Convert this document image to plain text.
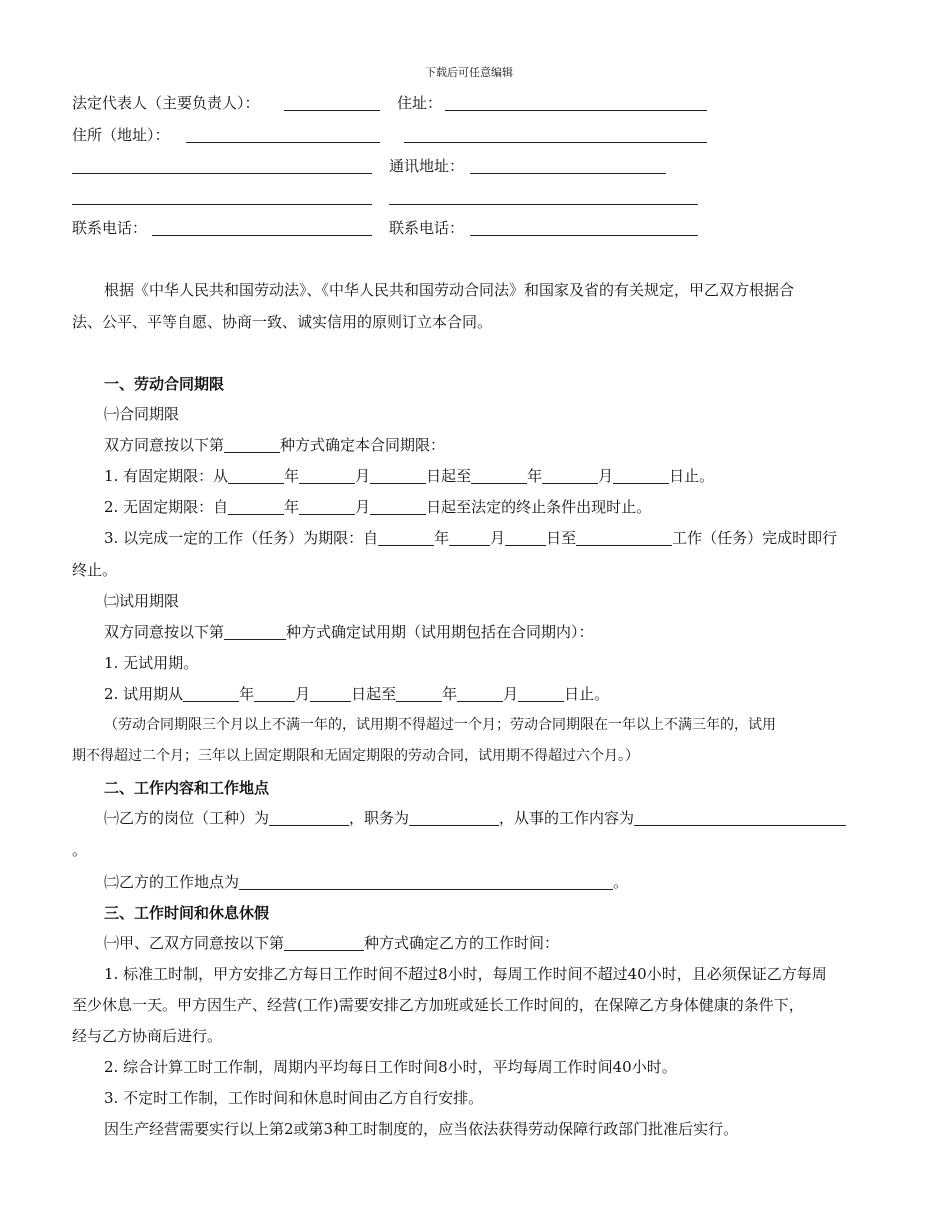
下载后可任意编辑
法定代表人（主要负责人）：	住址：
住所（地址）：
通讯地址：
联系电话：	联系电话：
根据《中华人民共和国劳动法》、《中华人民共和国劳动合同法》和国家及省的有关规定，甲乙双方根据合
法、公平、平等自愿、协商一致、诚实信用的原则订立本合同。
一、劳动合同期限
㈠合同期限
双方同意按以下第	种方式确定本合同期限：
1. 有固定期限：从	年	月	日起至	年	月	日止。
2. 无固定期限：自	年	月	日起至法定的终止条件出现时止。
3. 以完成一定的工作（任务）为期限：自	年	月	日至	工作（任务）完成时即行
终止。
㈡试用期限
双方同意按以下第	种方式确定试用期（试用期包括在合同期内）：
1. 无试用期。
2. 试用期从	年	月	日起至	年	月	日止。
（劳动合同期限三个月以上不满一年的，试用期不得超过一个月；劳动合同期限在一年以上不满三年的，试用
期不得超过二个月；三年以上固定期限和无固定期限的劳动合同，试用期不得超过六个月。）
二、工作内容和工作地点
㈠乙方的岗位（工种）为	，职务为	，从事的工作内容为
。
㈡乙方的工作地点为	。
三、工作时间和休息休假
㈠甲、乙双方同意按以下第	种方式确定乙方的工作时间：
1. 标准工时制，甲方安排乙方每日工作时间不超过8小时，每周工作时间不超过40小时，且必须保证乙方每周
至少休息一天。甲方因生产、经营(工作)需要安排乙方加班或延长工作时间的，在保障乙方身体健康的条件下，
经与乙方协商后进行。
2. 综合计算工时工作制，周期内平均每日工作时间8小时，平均每周工作时间40小时。
3. 不定时工作制，工作时间和休息时间由乙方自行安排。
因生产经营需要实行以上第2或第3种工时制度的，应当依法获得劳动保障行政部门批准后实行。
